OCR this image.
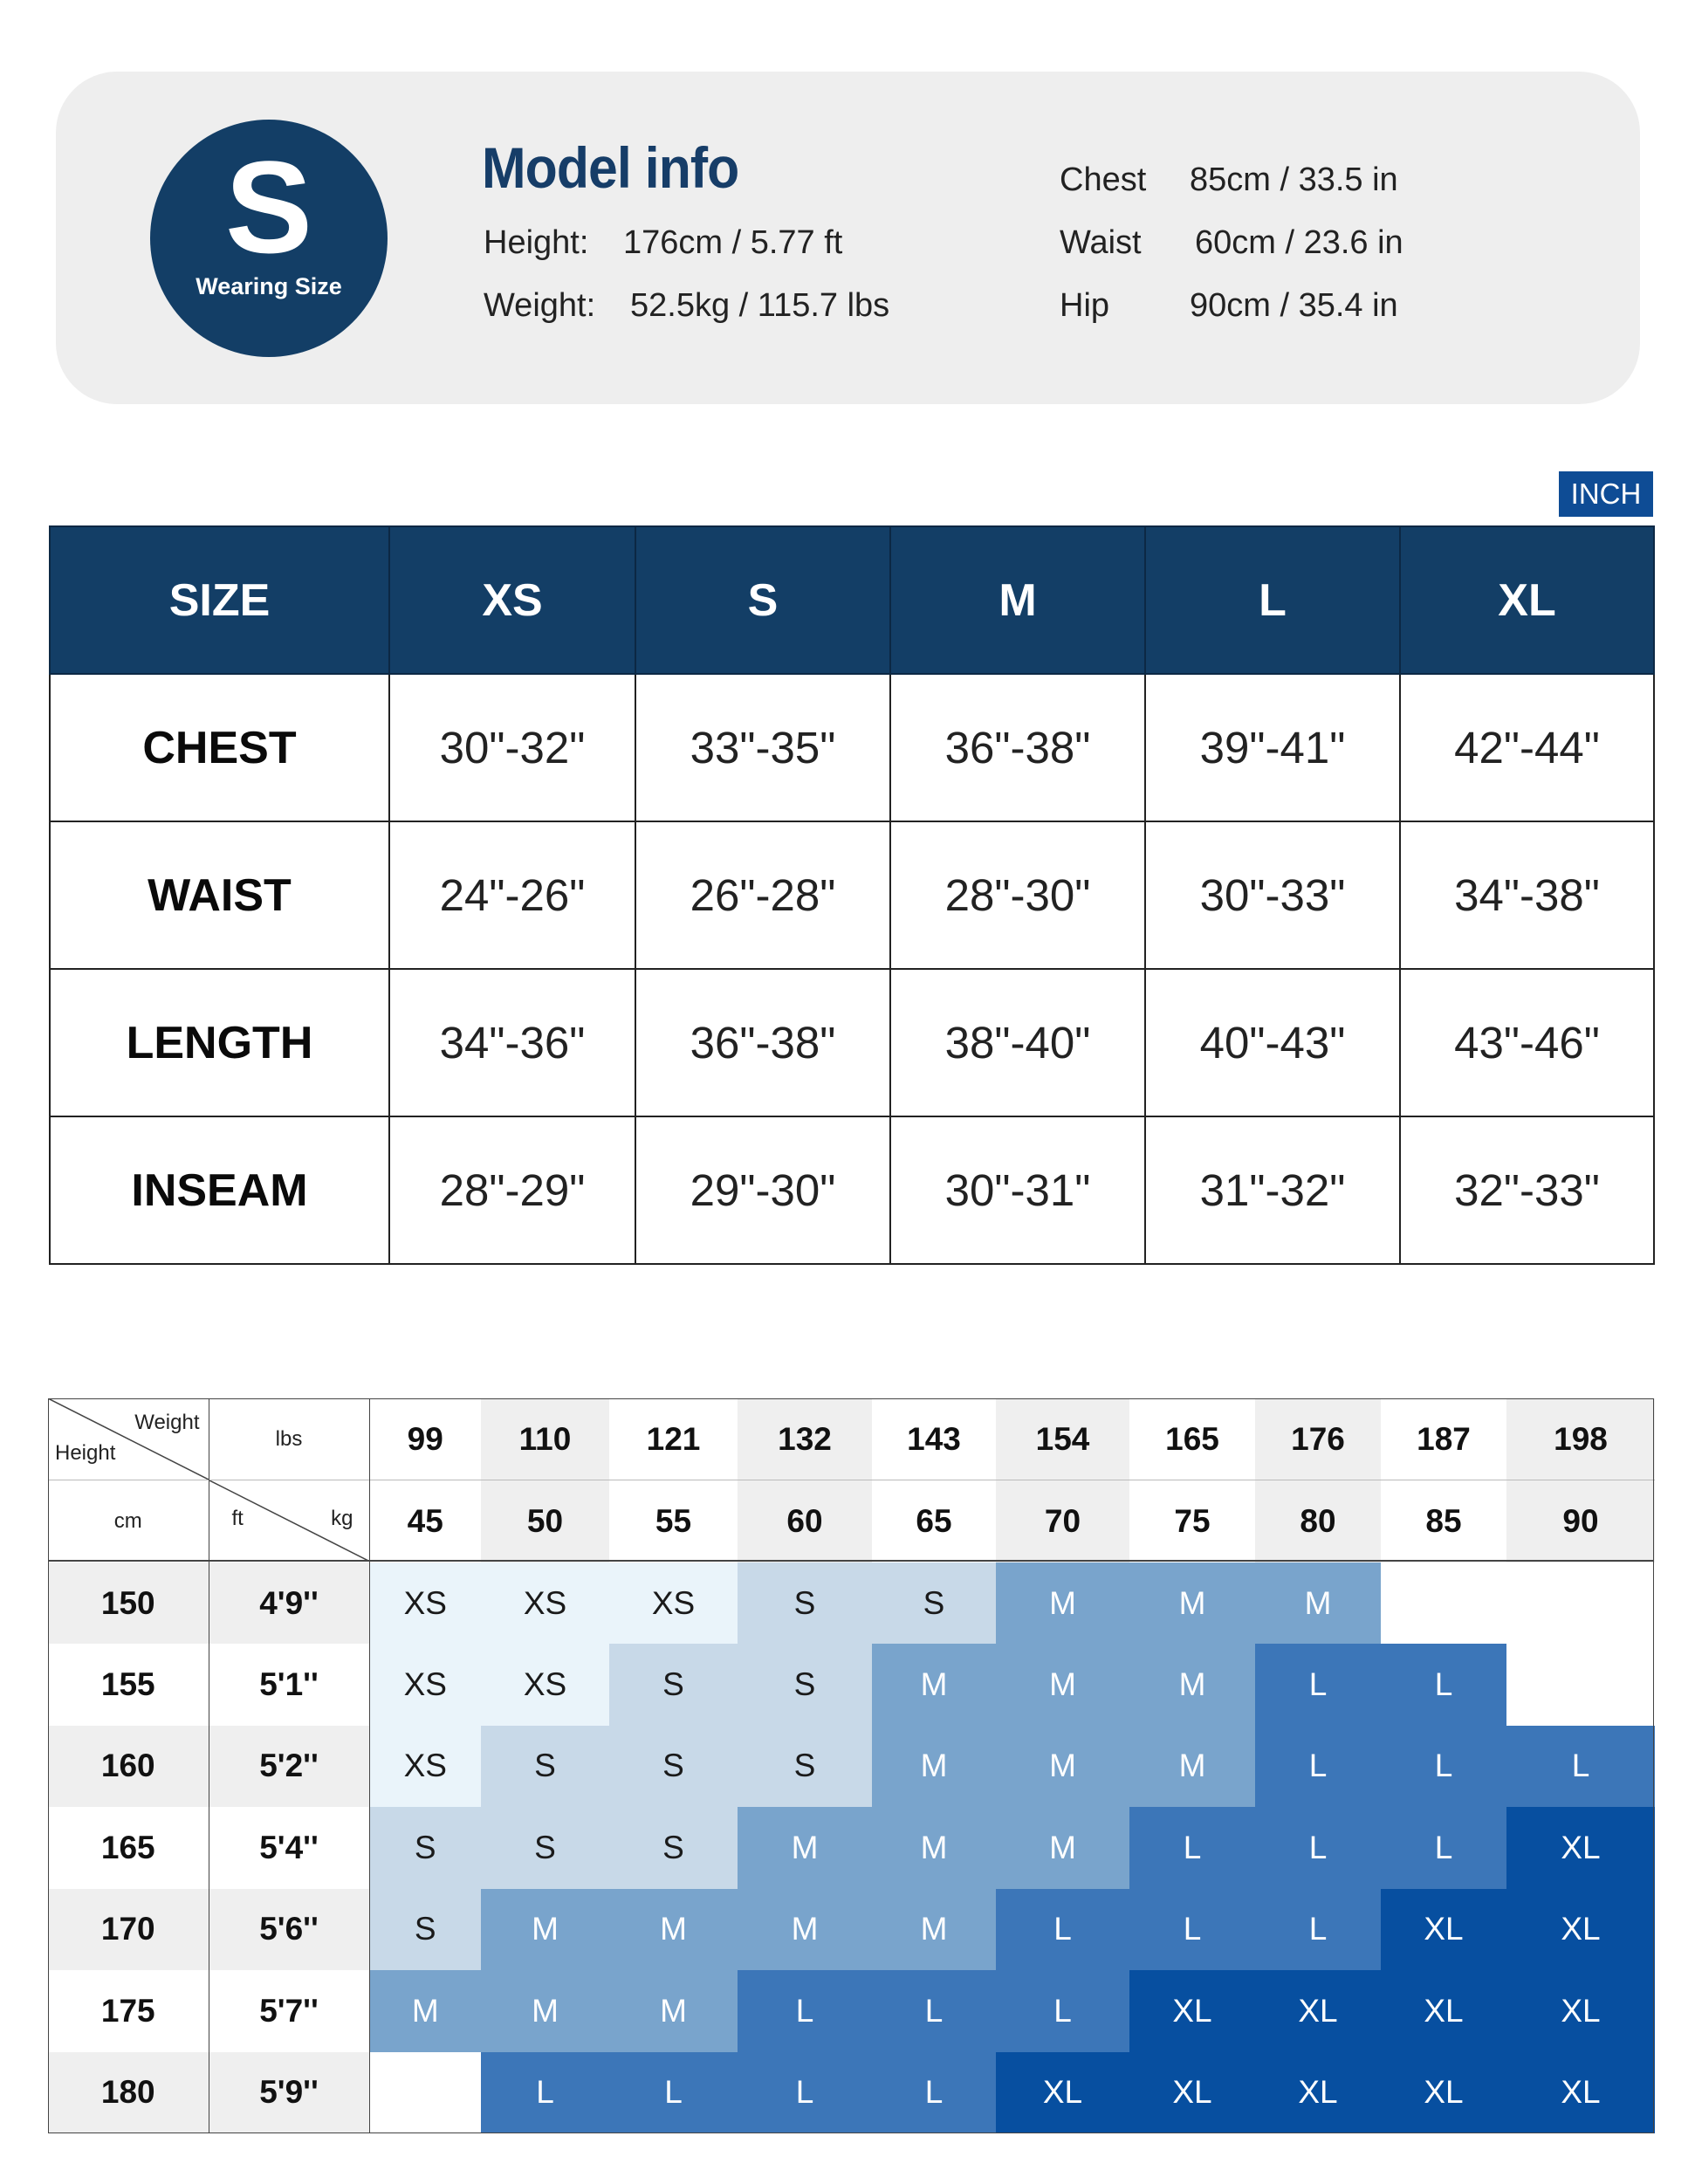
S
Wearing Size
Model info
Height: 176cm / 5.77 ft
Weight: 52.5kg / 115.7 lbs
Chest 85cm / 33.5 in
Waist 60cm / 23.6 in
Hip 90cm / 35.4 in
INCH
SIZE	XS	S	M	L	XL
CHEST	30"-32"	33"-35"	36"-38"	39"-41"	42"-44"
WAIST	24"-26"	26"-28"	28"-30"	30"-33"	34"-38"
LENGTH	34"-36"	36"-38"	38"-40"	40"-43"	43"-46"
INSEAM	28"-29"	29"-30"	30"-31"	31"-32"	32"-33"
Weight
Height	lbs	99	110	121	132	143	154	165	176	187	198

cm	ft kg	45	50	55	60	65	70	75	80	85	90
150	4'9''	XS	XS	XS	S	S	M	M	M		
155	5'1''	XS	XS	S	S	M	M	M	L	L	
160	5'2''	XS	S	S	S	M	M	M	L	L	L
165	5'4''	S	S	S	M	M	M	L	L	L	XL
170	5'6''	S	M	M	M	M	L	L	L	XL	XL
175	5'7''	M	M	M	L	L	L	XL	XL	XL	XL
180	5'9''		L	L	L	L	XL	XL	XL	XL	XL
